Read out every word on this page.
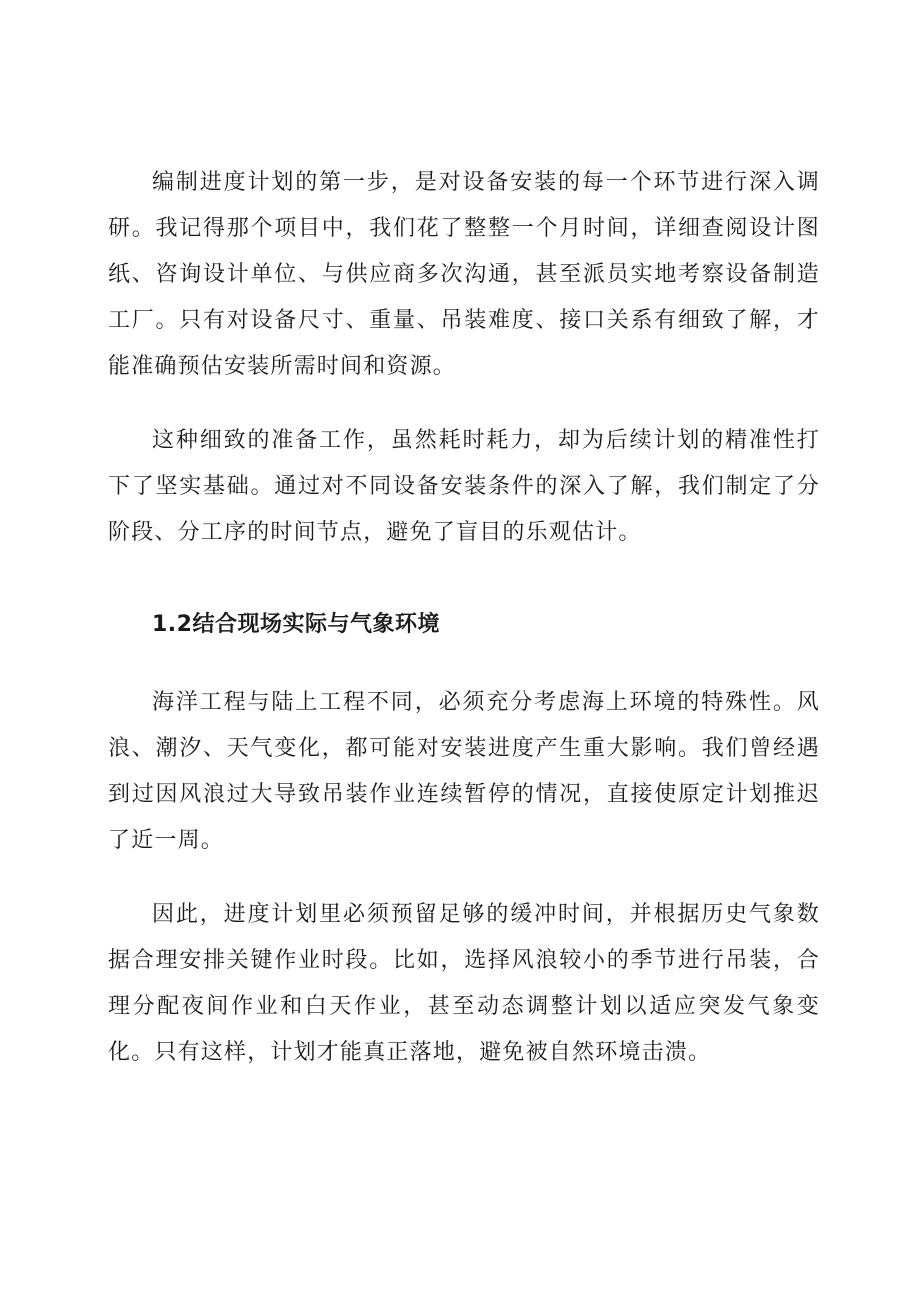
编制进度计划的第一步，是对设备安装的每一个环节进行深入调研。我记得那个项目中，我们花了整整一个月时间，详细查阅设计图纸、咨询设计单位、与供应商多次沟通，甚至派员实地考察设备制造工厂。只有对设备尺寸、重量、吊装难度、接口关系有细致了解，才能准确预估安装所需时间和资源。

这种细致的准备工作，虽然耗时耗力，却为后续计划的精准性打下了坚实基础。通过对不同设备安装条件的深入了解，我们制定了分阶段、分工序的时间节点，避免了盲目的乐观估计。

1.2结合现场实际与气象环境

海洋工程与陆上工程不同，必须充分考虑海上环境的特殊性。风浪、潮汐、天气变化，都可能对安装进度产生重大影响。我们曾经遇到过因风浪过大导致吊装作业连续暂停的情况，直接使原定计划推迟了近一周。

因此，进度计划里必须预留足够的缓冲时间，并根据历史气象数据合理安排关键作业时段。比如，选择风浪较小的季节进行吊装，合理分配夜间作业和白天作业，甚至动态调整计划以适应突发气象变化。只有这样，计划才能真正落地，避免被自然环境击溃。
